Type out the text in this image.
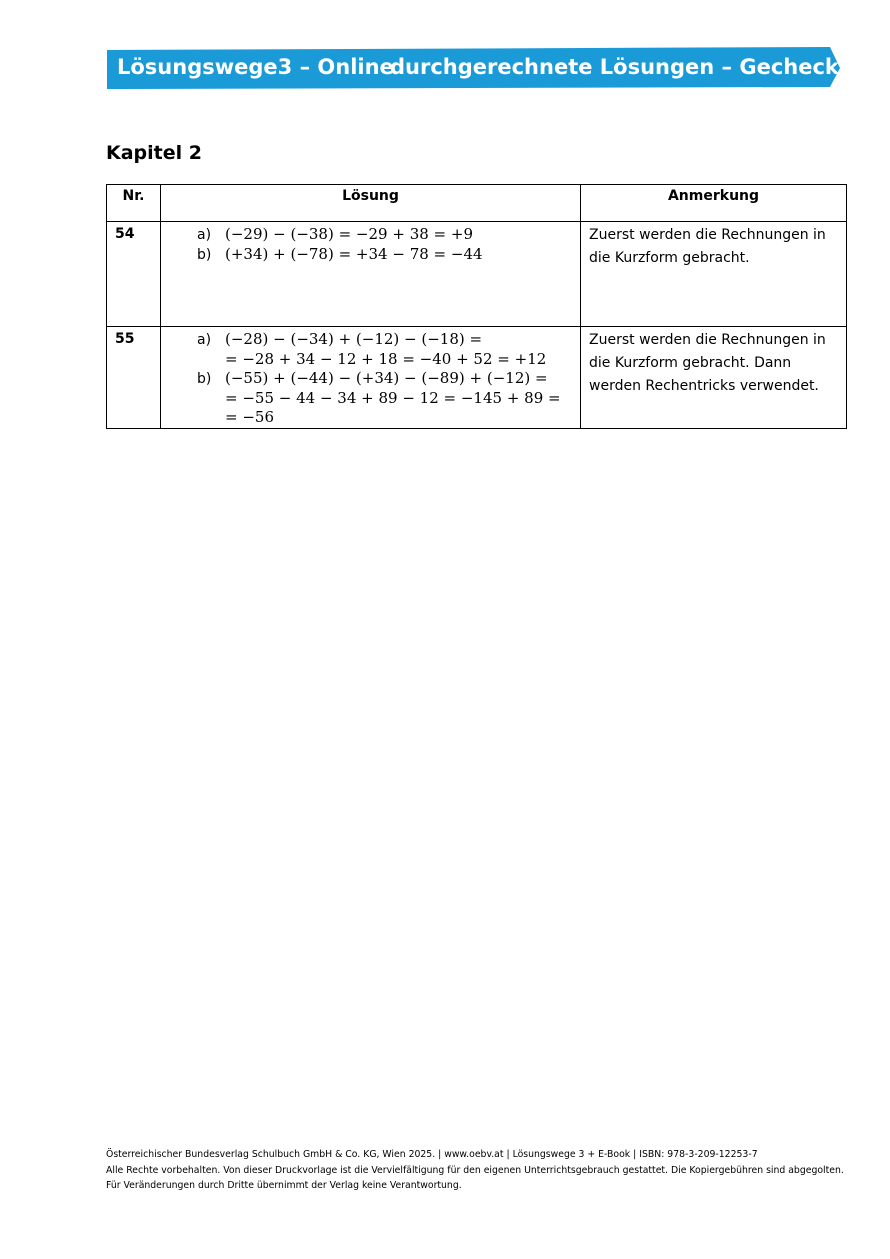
Lösungswege3 – Online
durchgerechnete Lösungen – Gecheckt?
Kapitel 2
Nr.	Lösung	Anmerkung
54	a) (−29) − (−38) = −29 + 38 = +9
b) (+34) + (−78) = +34 − 78 = −44	Zuerst werden die Rechnungen in die Kurzform gebracht.
55	a) (−28) − (−34) + (−12) − (−18) =
= −28 + 34 − 12 + 18 = −40 + 52 = +12
b) (−55) + (−44) − (+34) − (−89) + (−12) =
= −55 − 44 − 34 + 89 − 12 = −145 + 89 =
= −56	Zuerst werden die Rechnungen in die Kurzform gebracht. Dann werden Rechentricks verwendet.
Österreichischer Bundesverlag Schulbuch GmbH & Co. KG, Wien 2025. | www.oebv.at | Lösungswege 3 + E-Book | ISBN: 978-3-209-12253-7
Alle Rechte vorbehalten. Von dieser Druckvorlage ist die Vervielfältigung für den eigenen Unterrichtsgebrauch gestattet. Die Kopiergebühren sind abgegolten.
Für Veränderungen durch Dritte übernimmt der Verlag keine Verantwortung.
